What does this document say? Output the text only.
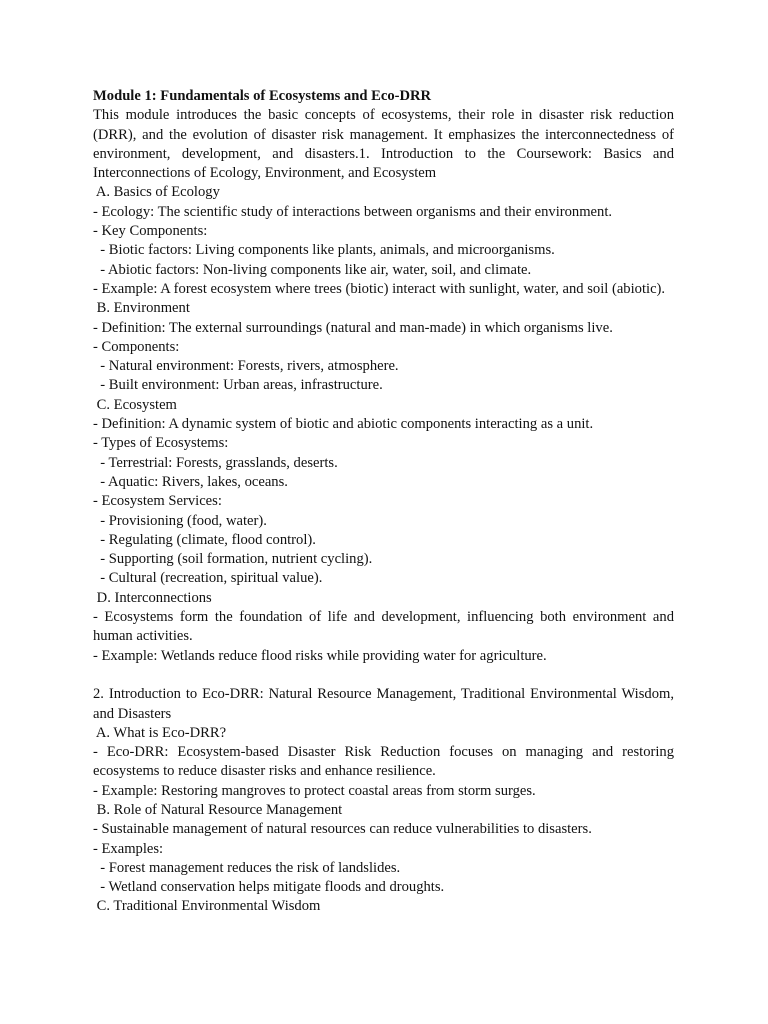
Module 1: Fundamentals of Ecosystems and Eco-DRR

This module introduces the basic concepts of ecosystems, their role in disaster risk reduction (DRR), and the evolution of disaster risk management. It emphasizes the interconnectedness of environment, development, and disasters.1. Introduction to the Coursework: Basics and Interconnections of Ecology, Environment, and Ecosystem

A. Basics of Ecology
- Ecology: The scientific study of interactions between organisms and their environment.
- Key Components:
- Biotic factors: Living components like plants, animals, and microorganisms.
- Abiotic factors: Non-living components like air, water, soil, and climate.

- Example: A forest ecosystem where trees (biotic) interact with sunlight, water, and soil (abiotic).

B. Environment
- Definition: The external surroundings (natural and man-made) in which organisms live.
- Components:
- Natural environment: Forests, rivers, atmosphere.
- Built environment: Urban areas, infrastructure.
C. Ecosystem
- Definition: A dynamic system of biotic and abiotic components interacting as a unit.
- Types of Ecosystems:
- Terrestrial: Forests, grasslands, deserts.
- Aquatic: Rivers, lakes, oceans.
- Ecosystem Services:
- Provisioning (food, water).
- Regulating (climate, flood control).
- Supporting (soil formation, nutrient cycling).
- Cultural (recreation, spiritual value).
D. Interconnections

- Ecosystems form the foundation of life and development, influencing both environment and human activities.

- Example: Wetlands reduce flood risks while providing water for agriculture.

2. Introduction to Eco-DRR: Natural Resource Management, Traditional Environmental Wisdom, and Disasters

A. What is Eco-DRR?

- Eco-DRR: Ecosystem-based Disaster Risk Reduction focuses on managing and restoring ecosystems to reduce disaster risks and enhance resilience.

- Example: Restoring mangroves to protect coastal areas from storm surges.
B. Role of Natural Resource Management
- Sustainable management of natural resources can reduce vulnerabilities to disasters.
- Examples:
- Forest management reduces the risk of landslides.
- Wetland conservation helps mitigate floods and droughts.
C. Traditional Environmental Wisdom
